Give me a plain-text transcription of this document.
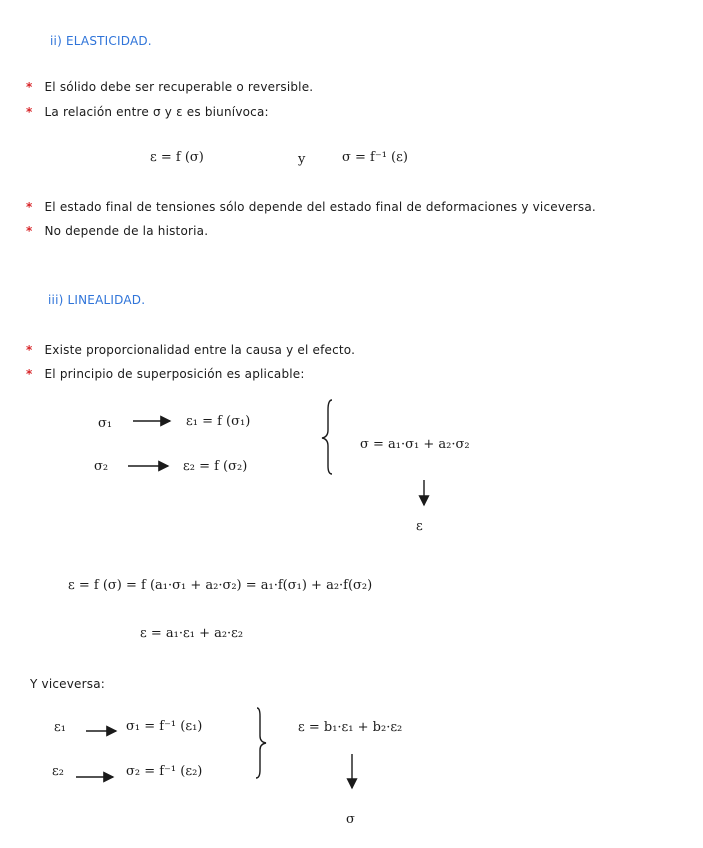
ii) ELASTICIDAD.
* El sólido debe ser recuperable o reversible.
* La relación entre σ y ε es biunívoca:
ε = f (σ)	y	σ = f⁻¹ (ε)
* El estado final de tensiones sólo depende del estado final de deformaciones y viceversa.
* No depende de la historia.
iii) LINEALIDAD.
* Existe proporcionalidad entre la causa y el efecto.
* El principio de superposición es aplicable:
σ₁	ε₁ = f (σ₁)
σ₂	ε₂ = f (σ₂)
σ = a₁·σ₁ + a₂·σ₂
ε
ε = f (σ) = f (a₁·σ₁ + a₂·σ₂) = a₁·f(σ₁) + a₂·f(σ₂)
ε = a₁·ε₁ + a₂·ε₂
Y viceversa:
ε₁	σ₁ = f⁻¹ (ε₁)
ε₂	σ₂ = f⁻¹ (ε₂)
ε = b₁·ε₁ + b₂·ε₂
σ
